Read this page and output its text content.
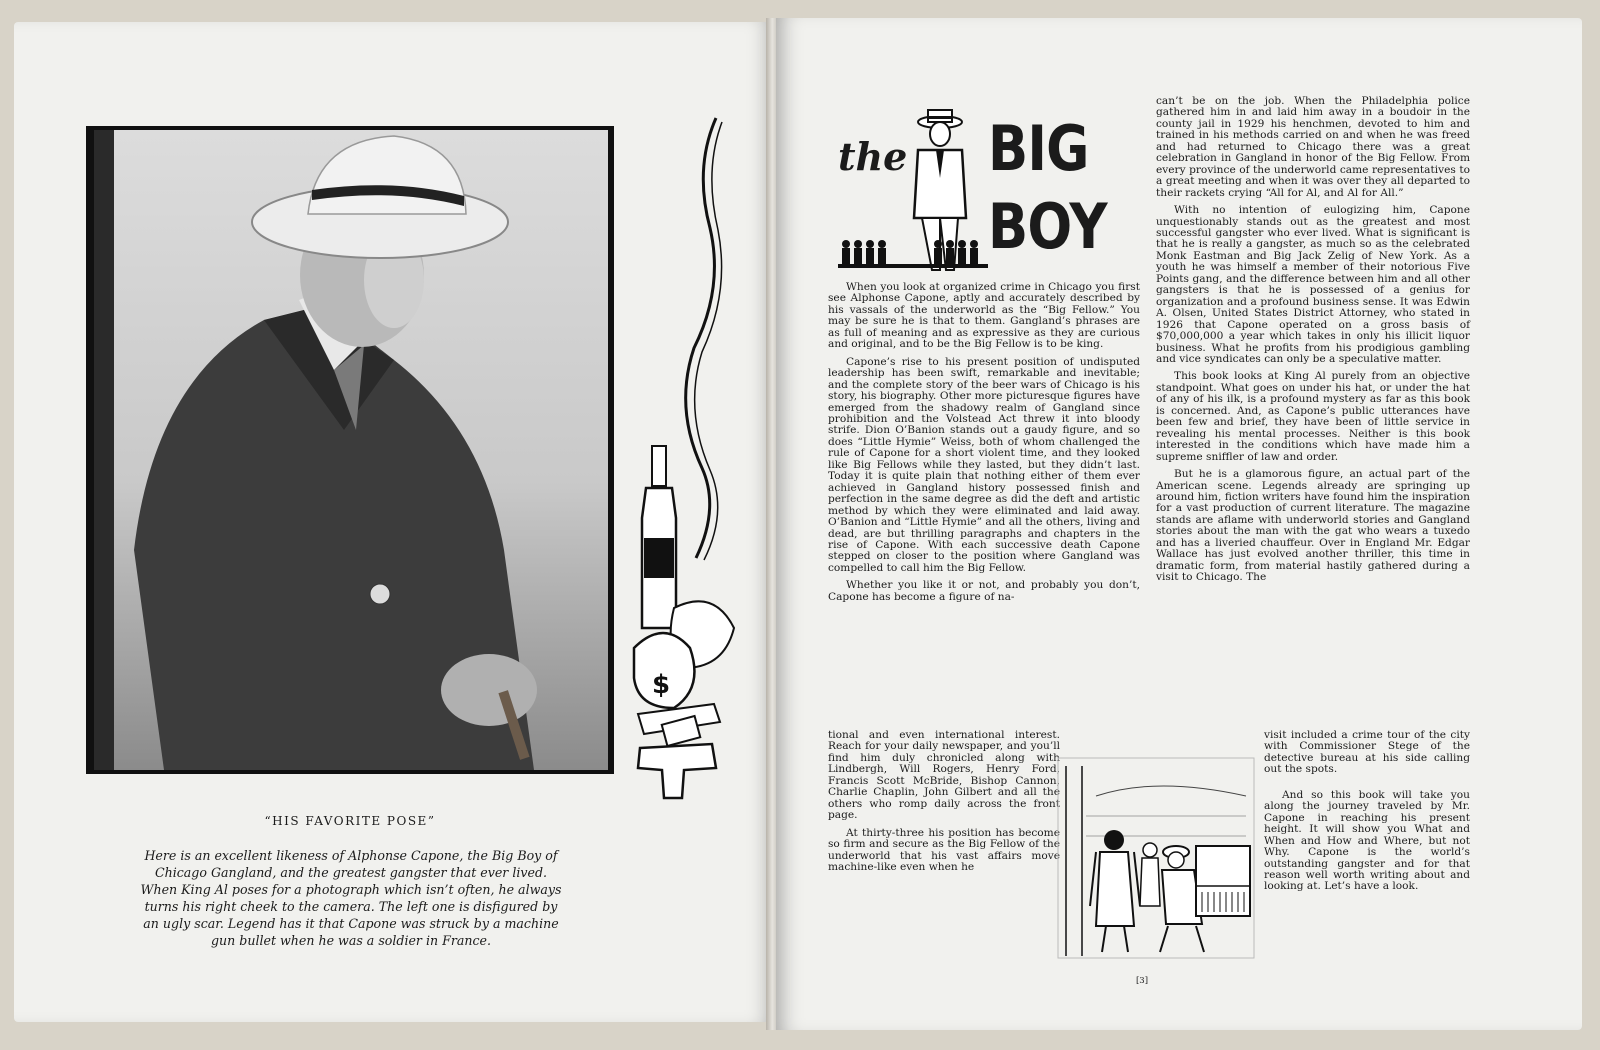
“HIS FAVORITE POSE”
Here is an excellent likeness of Alphonse Capone, the Big Boy of Chicago Gangland, and the greatest gangster that ever lived. When King Al poses for a photograph which isn’t often, he always turns his right cheek to the camera. The left one is disfigured by an ugly scar. Legend has it that Capone was struck by a machine gun bullet when he was a soldier in France.
$
the BIG
BOY

When you look at organized crime in Chicago you first see Alphonse Capone, aptly and accurately described by his vassals of the underworld as the “Big Fellow.” You may be sure he is that to them. Gangland’s phrases are as full of meaning and as expressive as they are curious and original, and to be the Big Fellow is to be king.

Capone’s rise to his present position of undisputed leadership has been swift, remarkable and inevitable; and the complete story of the beer wars of Chicago is his story, his biography. Other more picturesque figures have emerged from the shadowy realm of Gangland since prohibition and the Volstead Act threw it into bloody strife. Dion O’Banion stands out a gaudy figure, and so does “Little Hymie” Weiss, both of whom challenged the rule of Capone for a short violent time, and they looked like Big Fellows while they lasted, but they didn’t last. Today it is quite plain that nothing either of them ever achieved in Gangland history possessed finish and perfection in the same degree as did the deft and artistic method by which they were eliminated and laid away. O’Banion and “Little Hymie” and all the others, living and dead, are but thrilling paragraphs and chapters in the rise of Capone. With each successive death Capone stepped on closer to the position where Gangland was compelled to call him the Big Fellow.

Whether you like it or not, and probably you don’t, Capone has become a figure of na-

tional and even international interest. Reach for your daily newspaper, and you’ll find him duly chronicled along with Lindbergh, Will Rogers, Henry Ford, Francis Scott McBride, Bishop Cannon, Charlie Chaplin, John Gilbert and all the others who romp daily across the front page.

At thirty-three his position has become so firm and secure as the Big Fellow of the underworld that his vast affairs move machine-like even when he

can’t be on the job. When the Philadelphia police gathered him in and laid him away in a boudoir in the county jail in 1929 his henchmen, devoted to him and trained in his methods carried on and when he was freed and had returned to Chicago there was a great celebration in Gangland in honor of the Big Fellow. From every province of the underworld came representatives to a great meeting and when it was over they all departed to their rackets crying “All for Al, and Al for All.”

With no intention of eulogizing him, Capone unquestionably stands out as the greatest and most successful gangster who ever lived. What is significant is that he is really a gangster, as much so as the celebrated Monk Eastman and Big Jack Zelig of New York. As a youth he was himself a member of their notorious Five Points gang, and the difference between him and all other gangsters is that he is possessed of a genius for organization and a profound business sense. It was Edwin A. Olsen, United States District Attorney, who stated in 1926 that Capone operated on a gross basis of $70,000,000 a year which takes in only his illicit liquor business. What he profits from his prodigious gambling and vice syndicates can only be a speculative matter.

This book looks at King Al purely from an objective standpoint. What goes on under his hat, or under the hat of any of his ilk, is a profound mystery as far as this book is concerned. And, as Capone’s public utterances have been few and brief, they have been of little service in revealing his mental processes. Neither is this book interested in the conditions which have made him a supreme sniffler of law and order.

But he is a glamorous figure, an actual part of the American scene. Legends already are springing up around him, fiction writers have found him the inspiration for a vast production of current literature. The magazine stands are aflame with underworld stories and Gangland stories about the man with the gat who wears a tuxedo and has a liveried chauffeur. Over in England Mr. Edgar Wallace has just evolved another thriller, this time in dramatic form, from material hastily gathered during a visit to Chicago. The

visit included a crime tour of the city with Commissioner Stege of the detective bureau at his side calling out the spots.

And so this book will take you along the journey traveled by Mr. Capone in reaching his present height. It will show you What and When and How and Where, but not Why. Capone is the world’s outstanding gangster and for that reason well worth writing about and looking at. Let’s have a look.

[3]
